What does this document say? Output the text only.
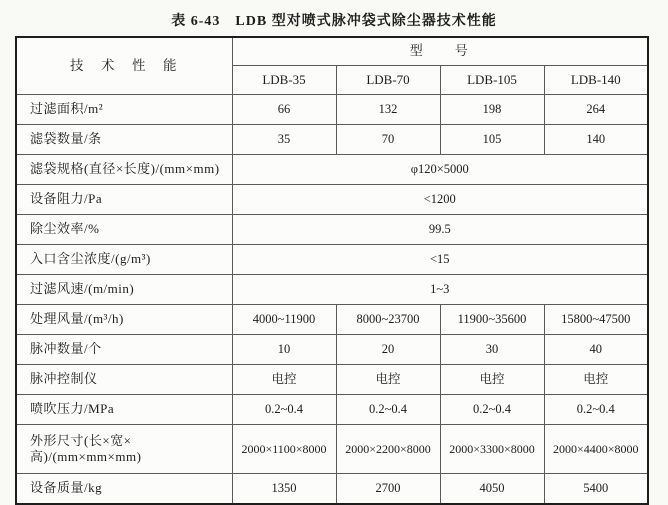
表 6-43　LDB 型对喷式脉冲袋式除尘器技术性能
技　术　性　能	型　　号			
	LDB-35	LDB-70	LDB-105	LDB-140
过滤面积/m²	66	132	198	264
滤袋数量/条	35	70	105	140
滤袋规格(直径×长度)/(mm×mm)	φ120×5000			
设备阻力/Pa	<1200			
除尘效率/%	99.5			
入口含尘浓度/(g/m³)	<15			
过滤风速/(m/min)	1~3			
处理风量/(m³/h)	4000~11900	8000~23700	11900~35600	15800~47500
脉冲数量/个	10	20	30	40
脉冲控制仪	电控	电控	电控	电控
喷吹压力/MPa	0.2~0.4	0.2~0.4	0.2~0.4	0.2~0.4
外形尺寸(长×宽×高)/(mm×mm×mm)	2000×1100×8000	2000×2200×8000	2000×3300×8000	2000×4400×8000
设备质量/kg	1350	2700	4050	5400
